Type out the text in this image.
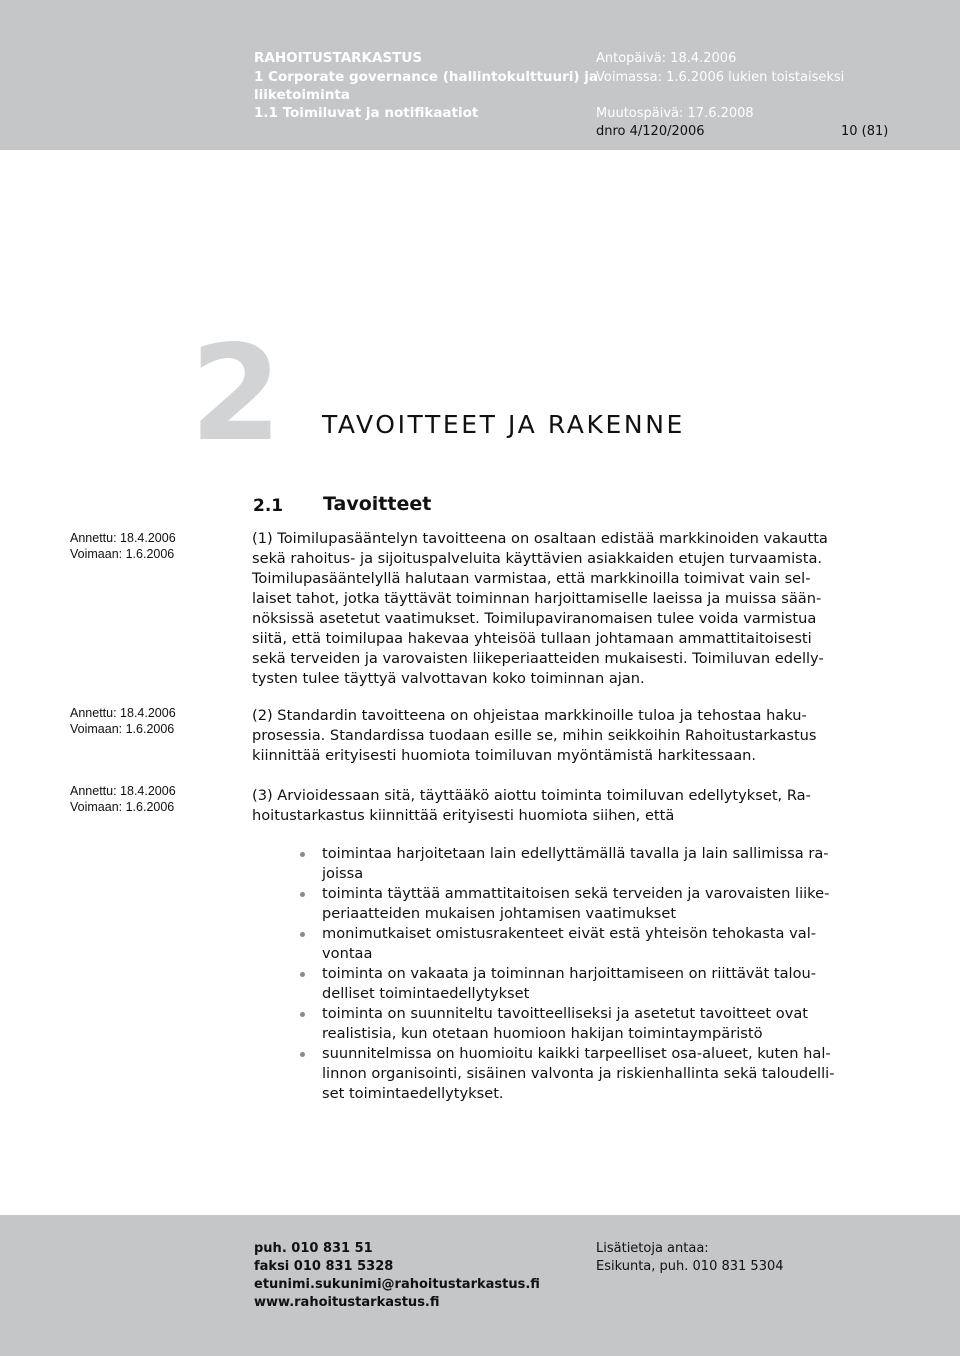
RAHOITUSTARKASTUS
1 Corporate governance (hallintokulttuuri) ja
liiketoiminta
1.1 Toimiluvat ja notifikaatiot
Antopäivä: 18.4.2006
Voimassa: 1.6.2006 lukien toistaiseksi
Muutospäivä: 17.6.2008
dnro 4/120/2006	10 (81)
2 TAVOITTEET JA RAKENNE
2.1 Tavoitteet
Annettu: 18.4.2006
Voimaan: 1.6.2006
Annettu: 18.4.2006
Voimaan: 1.6.2006
Annettu: 18.4.2006
Voimaan: 1.6.2006
(1) Toimilupasääntelyn tavoitteena on osaltaan edistää markkinoiden vakautta
sekä rahoitus- ja sijoituspalveluita käyttävien asiakkaiden etujen turvaamista.
Toimilupasääntelyllä halutaan varmistaa, että markkinoilla toimivat vain sel-
laiset tahot, jotka täyttävät toiminnan harjoittamiselle laeissa ja muissa sään-
nöksissä asetetut vaatimukset. Toimilupaviranomaisen tulee voida varmistua
siitä, että toimilupaa hakevaa yhteisöä tullaan johtamaan ammattitaitoisesti
sekä terveiden ja varovaisten liikeperiaatteiden mukaisesti. Toimiluvan edelly-
tysten tulee täyttyä valvottavan koko toiminnan ajan.
(2) Standardin tavoitteena on ohjeistaa markkinoille tuloa ja tehostaa haku-
prosessia. Standardissa tuodaan esille se, mihin seikkoihin Rahoitustarkastus
kiinnittää erityisesti huomiota toimiluvan myöntämistä harkitessaan.
(3) Arvioidessaan sitä, täyttääkö aiottu toiminta toimiluvan edellytykset, Ra-
hoitustarkastus kiinnittää erityisesti huomiota siihen, että
toimintaa harjoitetaan lain edellyttämällä tavalla ja lain sallimissa ra-
joissa
toiminta täyttää ammattitaitoisen sekä terveiden ja varovaisten liike-
periaatteiden mukaisen johtamisen vaatimukset
monimutkaiset omistusrakenteet eivät estä yhteisön tehokasta val-
vontaa
toiminta on vakaata ja toiminnan harjoittamiseen on riittävät talou-
delliset toimintaedellytykset
toiminta on suunniteltu tavoitteelliseksi ja asetetut tavoitteet ovat
realistisia, kun otetaan huomioon hakijan toimintaympäristö
suunnitelmissa on huomioitu kaikki tarpeelliset osa-alueet, kuten hal-
linnon organisointi, sisäinen valvonta ja riskienhallinta sekä taloudelli-
set toimintaedellytykset.
puh. 010 831 51
faksi 010 831 5328
etunimi.sukunimi@rahoitustarkastus.fi
www.rahoitustarkastus.fi
Lisätietoja antaa:
Esikunta, puh. 010 831 5304
